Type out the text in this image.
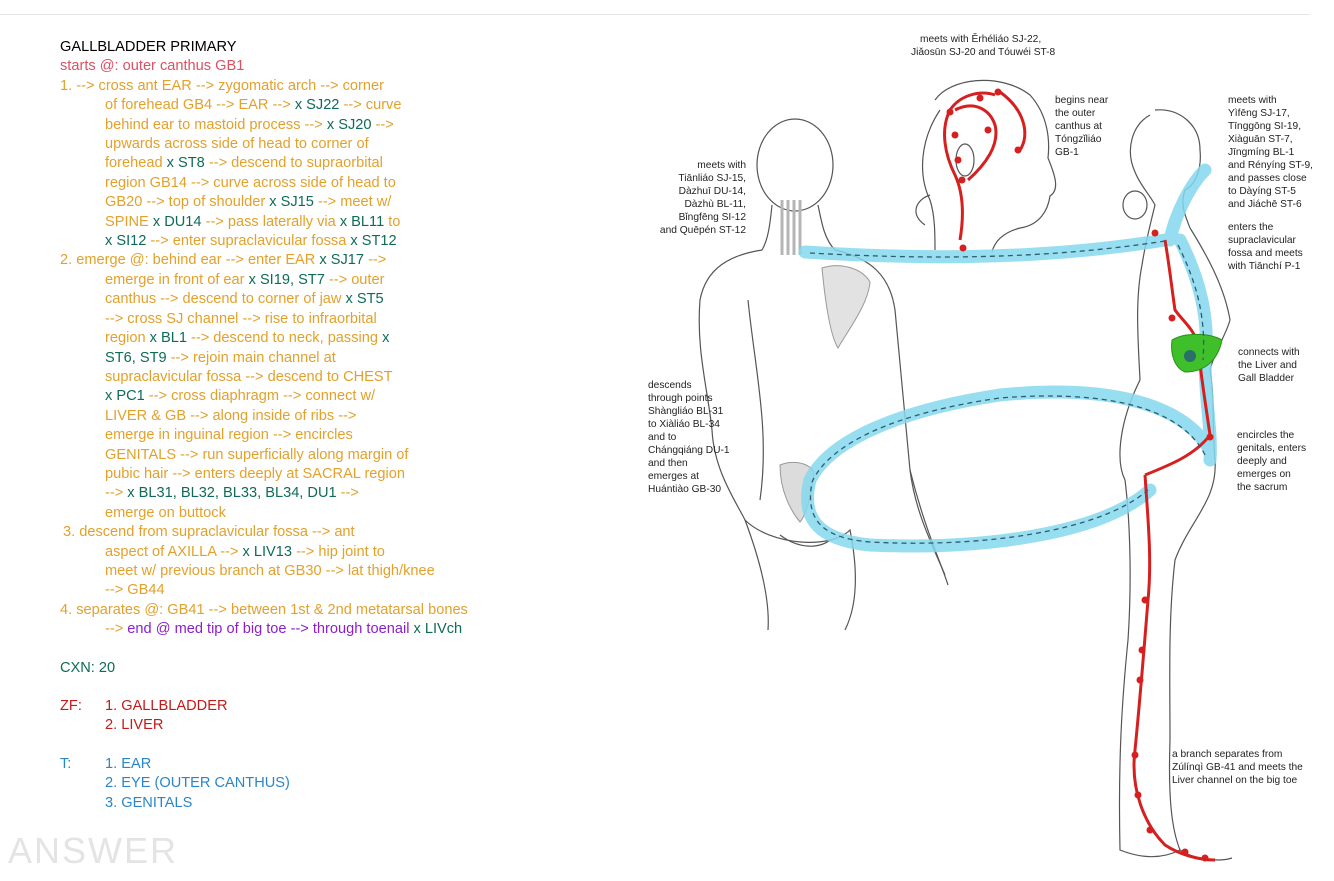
GALLBLADDER PRIMARY
starts @: outer canthus GB1
1. --> cross ant EAR --> zygomatic arch --> corner
of forehead GB4 --> EAR --> x SJ22 --> curve
behind ear to mastoid process --> x SJ20 -->
upwards across side of head to corner of
forehead x ST8 --> descend to supraorbital
region GB14 --> curve across side of head to
GB20 --> top of shoulder x SJ15 --> meet w/
SPINE x DU14 --> pass laterally via x BL11 to
x SI12 --> enter supraclavicular fossa x ST12
2. emerge @: behind ear --> enter EAR x SJ17 -->
emerge in front of ear x SI19, ST7 --> outer
canthus --> descend to corner of jaw x ST5
--> cross SJ channel --> rise to infraorbital
region x BL1 --> descend to neck, passing x
ST6, ST9 --> rejoin main channel at
supraclavicular fossa --> descend to CHEST
x PC1 --> cross diaphragm --> connect w/
LIVER & GB --> along inside of ribs -->
emerge in inguinal region --> encircles
GENITALS --> run superficially along margin of
pubic hair --> enters deeply at SACRAL region
--> x BL31, BL32, BL33, BL34, DU1 -->
emerge on buttock
3. descend from supraclavicular fossa --> ant
aspect of AXILLA --> x LIV13 --> hip joint to
meet w/ previous branch at GB30 --> lat thigh/knee
--> GB44
4. separates @: GB41 --> between 1st & 2nd metatarsal bones
--> end @ med tip of big toe --> through toenail x LIVch
CXN: 20
ZF: 1. GALLBLADDER
2. LIVER
T: 1. EAR
2. EYE (OUTER CANTHUS)
3. GENITALS
ANSWER
meets with Ěrhéliáo SJ-22,
Jiǎosūn SJ-20 and Tóuwéi ST-8
begins near
the outer
canthus at
Tóngzǐliáo
GB-1
meets with
Yìfēng SJ-17,
Tīnggōng SI-19,
Xiàguān ST-7,
Jīngmíng BL-1
and Rényíng ST-9,
and passes close
to Dàyíng ST-5
and Jiáchē ST-6
meets with
Tiānliáo SJ-15,
Dàzhuī DU-14,
Dàzhù BL-11,
Bǐngfēng SI-12
and Quēpén ST-12	enters the
supraclavicular
fossa and meets
with Tiānchí P-1
connects with
the Liver and
Gall Bladder
descends
through points
Shàngliáo BL-31
to Xiàliáo BL-34
and to
Chángqiáng DU-1
and then
emerges at
Huántiào GB-30
encircles the
genitals, enters
deeply and
emerges on
the sacrum
a branch separates from
Zúlínqì GB-41 and meets the
Liver channel on the big toe
